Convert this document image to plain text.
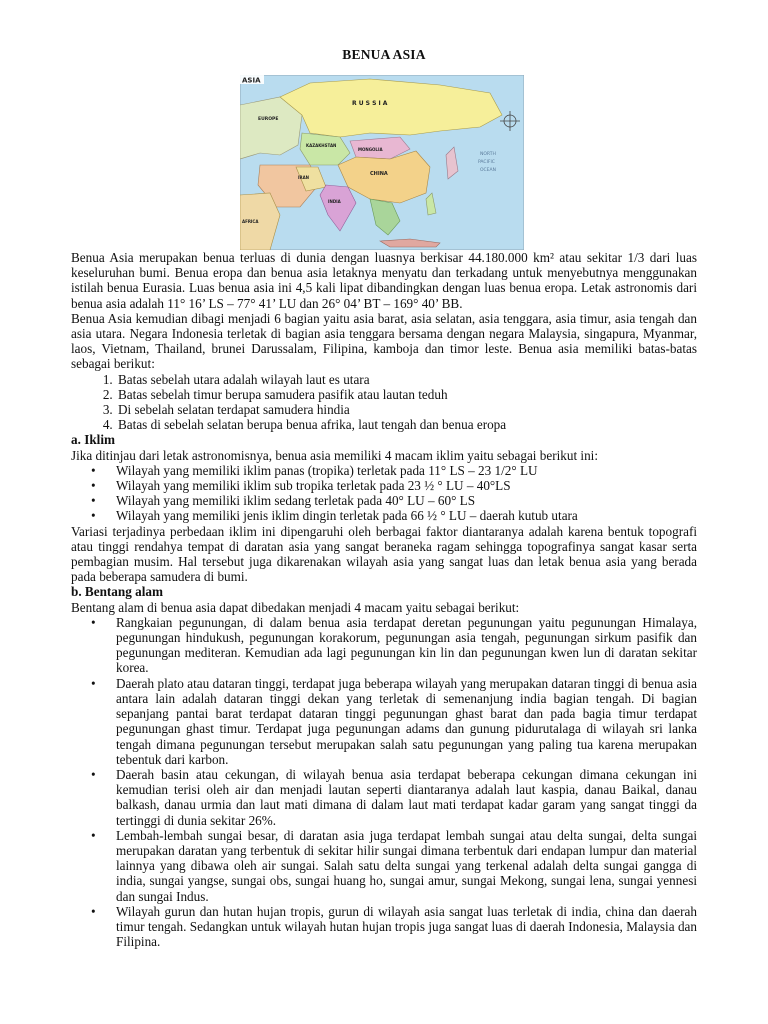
BENUA ASIA
ASIA
R U S S I A
EUROPE
KAZAKHSTAN
MONGOLIA
CHINA
IRAN
INDIA
AFRICA
NORTH
PACIFIC
OCEAN

Benua Asia merupakan benua terluas di dunia dengan luasnya berkisar 44.180.000 km² atau sekitar 1/3 dari luas keseluruhan bumi. Benua eropa dan benua asia letaknya menyatu dan terkadang untuk menyebutnya menggunakan istilah benua Eurasia. Luas benua asia ini 4,5 kali lipat dibandingkan dengan luas benua eropa. Letak astronomis dari benua asia adalah 11° 16’ LS – 77° 41’ LU dan 26° 04’ BT – 169° 40’ BB.

Benua Asia kemudian dibagi menjadi 6 bagian yaitu asia barat, asia selatan, asia tenggara, asia timur, asia tengah dan asia utara. Negara Indonesia terletak di bagian asia tenggara bersama dengan negara Malaysia, singapura, Myanmar, laos, Vietnam, Thailand, brunei Darussalam, Filipina, kamboja dan timor leste. Benua asia memiliki batas-batas sebagai berikut:

1. Batas sebelah utara adalah wilayah laut es utara
2. Batas sebelah timur berupa samudera pasifik atau lautan teduh
3. Di sebelah selatan terdapat samudera hindia
4. Batas di sebelah selatan berupa benua afrika, laut tengah dan benua eropa
a. Iklim

Jika ditinjau dari letak astronomisnya, benua asia memiliki 4 macam iklim yaitu sebagai berikut ini:

• Wilayah yang memiliki iklim panas (tropika) terletak pada 11° LS – 23 1/2° LU
• Wilayah yang memiliki iklim sub tropika terletak pada 23 ½ ° LU – 40°LS
• Wilayah yang memiliki iklim sedang terletak pada 40° LU – 60° LS
• Wilayah yang memiliki jenis iklim dingin terletak pada 66 ½ ° LU – daerah kutub utara

Variasi terjadinya perbedaan iklim ini dipengaruhi oleh berbagai faktor diantaranya adalah karena bentuk topografi atau tinggi rendahya tempat di daratan asia yang sangat beraneka ragam sehingga topografinya sangat kasar serta pembagian musim. Hal tersebut juga dikarenakan wilayah asia yang sangat luas dan letak benua asia yang berada pada beberapa samudera di bumi.

b. Bentang alam

Bentang alam di benua asia dapat dibedakan menjadi 4 macam yaitu sebagai berikut:

• Rangkaian pegunungan, di dalam benua asia terdapat deretan pegunungan yaitu pegunungan Himalaya, pegunungan hindukush, pegunungan korakorum, pegunungan asia tengah, pegunungan sirkum pasifik dan pegunungan mediteran. Kemudian ada lagi pegunungan kin lin dan pegunungan kwen lun di daratan sekitar korea.
• Daerah plato atau dataran tinggi, terdapat juga beberapa wilayah yang merupakan dataran tinggi di benua asia antara lain adalah dataran tinggi dekan yang terletak di semenanjung india bagian tengah. Di bagian sepanjang pantai barat terdapat dataran tinggi pegunungan ghast barat dan pada bagia timur terdapat pegunungan ghast timur. Terdapat juga pegunungan adams dan gunung pidurutalaga di wilayah sri lanka tengah dimana pegunungan tersebut merupakan salah satu pegunungan yang paling tua karena merupakan tebentuk dari karbon.
• Daerah basin atau cekungan, di wilayah benua asia terdapat beberapa cekungan dimana cekungan ini kemudian terisi oleh air dan menjadi lautan seperti diantaranya adalah laut kaspia, danau Baikal, danau balkash, danau urmia dan laut mati dimana di dalam laut mati terdapat kadar garam yang sangat tinggi da tertinggi di dunia sekitar 26%.
• Lembah-lembah sungai besar, di daratan asia juga terdapat lembah sungai atau delta sungai, delta sungai merupakan daratan yang terbentuk di sekitar hilir sungai dimana terbentuk dari endapan lumpur dan material lainnya yang dibawa oleh air sungai. Salah satu delta sungai yang terkenal adalah delta sungai gangga di india, sungai yangse, sungai obs, sungai huang ho, sungai amur, sungai Mekong, sungai lena, sungai yennesi dan sungai Indus.
• Wilayah gurun dan hutan hujan tropis, gurun di wilayah asia sangat luas terletak di india, china dan daerah timur tengah. Sedangkan untuk wilayah hutan hujan tropis juga sangat luas di daerah Indonesia, Malaysia dan Filipina.
